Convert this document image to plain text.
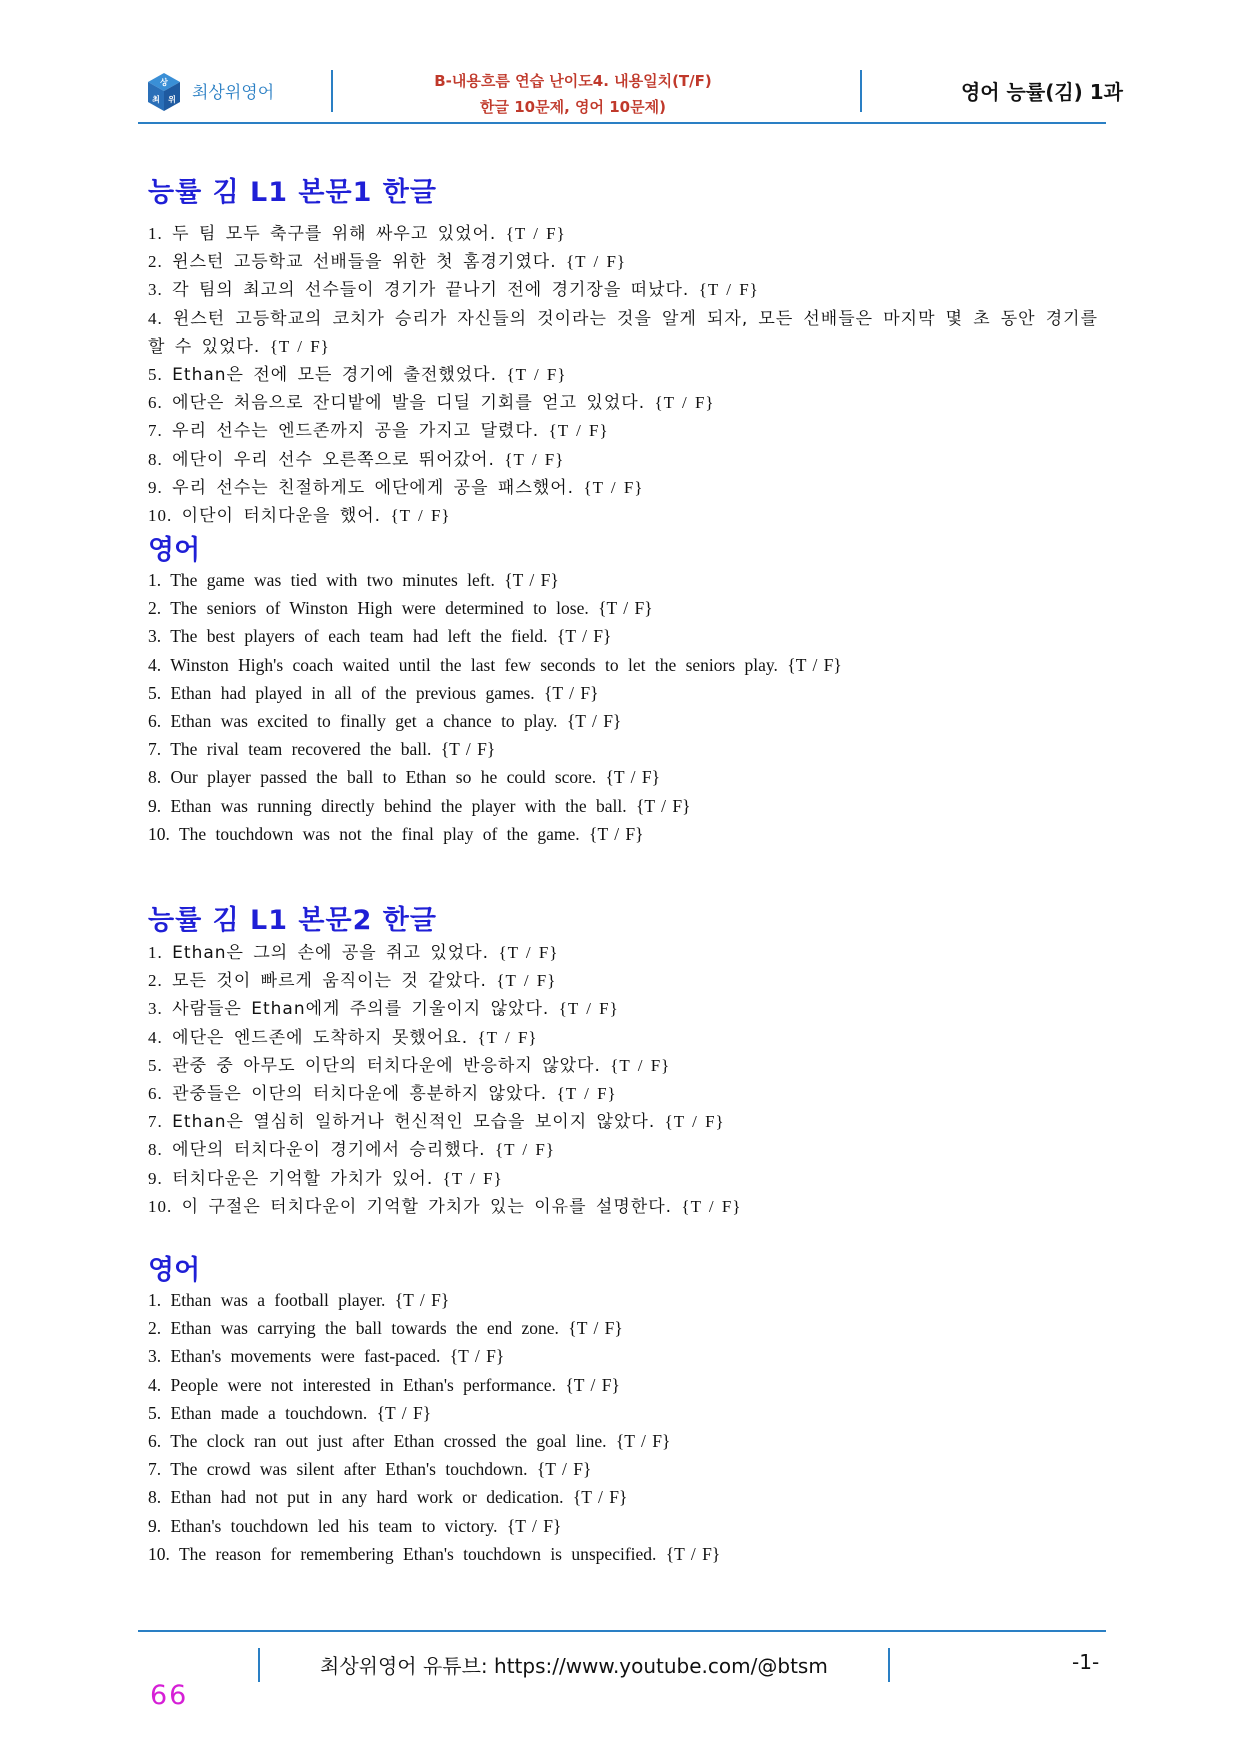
상
최 위 최상위영어
B-내용흐름 연습 난이도4. 내용일치(T/F)
한글 10문제, 영어 10문제)
영어 능률(김) 1과
능률 김 L1 본문1 한글
1. 두 팀 모두 축구를 위해 싸우고 있었어. {T / F}
2. 윈스턴 고등학교 선배들을 위한 첫 홈경기였다. {T / F}
3. 각 팀의 최고의 선수들이 경기가 끝나기 전에 경기장을 떠났다. {T / F}
4. 윈스턴 고등학교의 코치가 승리가 자신들의 것이라는 것을 알게 되자, 모든 선배들은 마지막 몇 초 동안 경기를 할 수 있었다. {T / F}
5. Ethan은 전에 모든 경기에 출전했었다. {T / F}
6. 에단은 처음으로 잔디밭에 발을 디딜 기회를 얻고 있었다. {T / F}
7. 우리 선수는 엔드존까지 공을 가지고 달렸다. {T / F}
8. 에단이 우리 선수 오른쪽으로 뛰어갔어. {T / F}
9. 우리 선수는 친절하게도 에단에게 공을 패스했어. {T / F}
10. 이단이 터치다운을 했어. {T / F}
영어
1. The game was tied with two minutes left. {T / F}
2. The seniors of Winston High were determined to lose. {T / F}
3. The best players of each team had left the field. {T / F}
4. Winston High's coach waited until the last few seconds to let the seniors play. {T / F}
5. Ethan had played in all of the previous games. {T / F}
6. Ethan was excited to finally get a chance to play. {T / F}
7. The rival team recovered the ball. {T / F}
8. Our player passed the ball to Ethan so he could score. {T / F}
9. Ethan was running directly behind the player with the ball. {T / F}
10. The touchdown was not the final play of the game. {T / F}
능률 김 L1 본문2 한글
1. Ethan은 그의 손에 공을 쥐고 있었다. {T / F}
2. 모든 것이 빠르게 움직이는 것 같았다. {T / F}
3. 사람들은 Ethan에게 주의를 기울이지 않았다. {T / F}
4. 에단은 엔드존에 도착하지 못했어요. {T / F}
5. 관중 중 아무도 이단의 터치다운에 반응하지 않았다. {T / F}
6. 관중들은 이단의 터치다운에 흥분하지 않았다. {T / F}
7. Ethan은 열심히 일하거나 헌신적인 모습을 보이지 않았다. {T / F}
8. 에단의 터치다운이 경기에서 승리했다. {T / F}
9. 터치다운은 기억할 가치가 있어. {T / F}
10. 이 구절은 터치다운이 기억할 가치가 있는 이유를 설명한다. {T / F}
영어
1. Ethan was a football player. {T / F}
2. Ethan was carrying the ball towards the end zone. {T / F}
3. Ethan's movements were fast-paced. {T / F}
4. People were not interested in Ethan's performance. {T / F}
5. Ethan made a touchdown. {T / F}
6. The clock ran out just after Ethan crossed the goal line. {T / F}
7. The crowd was silent after Ethan's touchdown. {T / F}
8. Ethan had not put in any hard work or dedication. {T / F}
9. Ethan's touchdown led his team to victory. {T / F}
10. The reason for remembering Ethan's touchdown is unspecified. {T / F}
최상위영어 유튜브: https://www.youtube.com/@btsm	-1-
66
